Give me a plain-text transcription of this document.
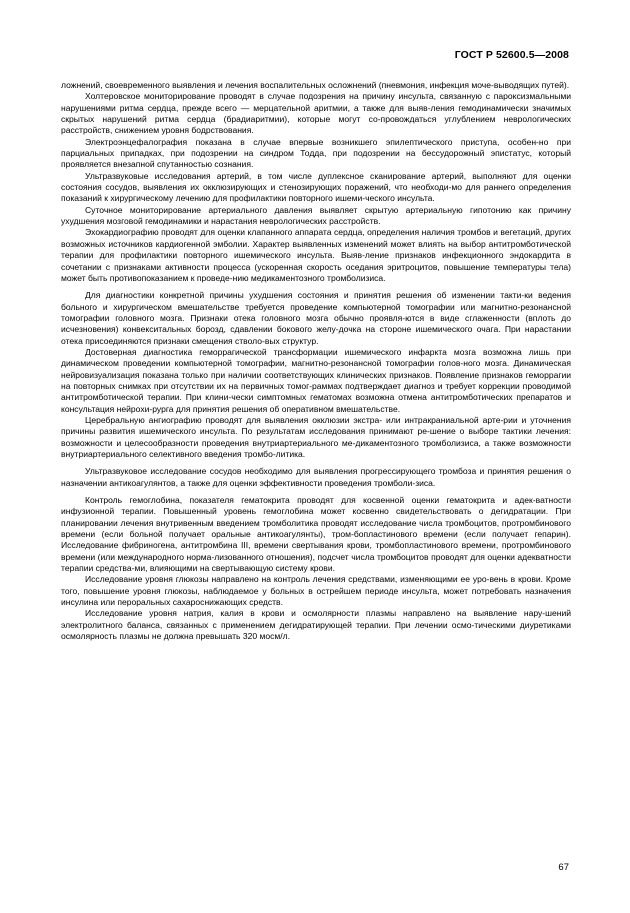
ГОСТ Р 52600.5—2008

ложнений, своевременного выявления и лечения воспалительных осложнений (пневмония, инфекция моче-выводящих путей).

Холтеровское мониторирование проводят в случае подозрения на причину инсульта, связанную с пароксизмальными нарушениями ритма сердца, прежде всего — мерцательной аритмии, а также для выяв-ления гемодинамически значимых скрытых нарушений ритма сердца (брадиаритмии), которые могут со-провождаться углублением неврологических расстройств, снижением уровня бодрствования.

Электроэнцефалография показана в случае впервые возникшего эпилептического приступа, особен-но при парциальных припадках, при подозрении на синдром Тодда, при подозрении на бессудорожный эпистатус, который проявляется внезапной спутанностью сознания.

Ультразвуковые исследования артерий, в том числе дуплексное сканирование артерий, выполняют для оценки состояния сосудов, выявления их окклюзирующих и стенозирующих поражений, что необходи-мо для раннего определения показаний к хирургическому лечению для профилактики повторного ишеми-ческого инсульта.

Суточное мониторирование артериального давления выявляет скрытую артериальную гипотонию как причину ухудшения мозговой гемодинамики и нарастания неврологических расстройств.

Эхокардиографию проводят для оценки клапанного аппарата сердца, определения наличия тромбов и вегетаций, других возможных источников кардиогенной эмболии. Характер выявленных изменений может влиять на выбор антитромботической терапии для профилактики повторного ишемического инсульта. Выяв-ление признаков инфекционного эндокардита в сочетании с признаками активности процесса (ускоренная скорость оседания эритроцитов, повышение температуры тела) может быть противопоказанием к проведе-нию медикаментозного тромболизиса.

Для диагностики конкретной причины ухудшения состояния и принятия решения об изменении такти-ки ведения больного и хирургическом вмешательстве требуется проведение компьютерной томографии или магнитно-резонансной томографии головного мозга. Признаки отека головного мозга обычно проявля-ются в виде сглаженности (вплоть до исчезновения) конвекситальных борозд, сдавлении бокового желу-дочка на стороне ишемического очага. При нарастании отека присоединяются признаки смещения стволо-вых структур.

Достоверная диагностика геморрагической трансформации ишемического инфаркта мозга возможна лишь при динамическом проведении компьютерной томографии, магнитно-резонансной томографии голов-ного мозга. Динамическая нейровизуализация показана только при наличии соответствующих клинических признаков. Появление признаков геморрагии на повторных снимках при отсутствии их на первичных томог-раммах подтверждает диагноз и требует коррекции проводимой антитромботической терапии. При клини-чески симптомных гематомах возможна отмена антитромботических препаратов и консультация нейрохи-рурга для принятия решения об оперативном вмешательстве.

Церебральную ангиографию проводят для выявления окклюзии экстра- или интракраниальной арте-рии и уточнения причины развития ишемического инсульта. По результатам исследования принимают ре-шение о выборе тактики лечения: возможности и целесообразности проведения внутриартериального ме-дикаментозного тромболизиса, а также возможности внутриартериального селективного введения тромбо-литика.

Ультразвуковое исследование сосудов необходимо для выявления прогрессирующего тромбоза и принятия решения о назначении антикоагулянтов, а также для оценки эффективности проведения тромболи-зиса.

Контроль гемоглобина, показателя гематокрита проводят для косвенной оценки гематокрита и адек-ватности инфузионной терапии. Повышенный уровень гемоглобина может косвенно свидетельствовать о дегидратации. При планировании лечения внутривенным введением тромболитика проводят исследование числа тромбоцитов, протромбинового времени (если больной получает оральные антикоагулянты), тром-бопластинового времени (если получает гепарин). Исследование фибриногена, антитромбина III, времени свертывания крови, тромбопластинового времени, протромбинового времени (или международного норма-лизованного отношения), подсчет числа тромбоцитов проводят для оценки адекватности терапии средства-ми, влияющими на свертывающую систему крови.

Исследование уровня глюкозы направлено на контроль лечения средствами, изменяющими ее уро-вень в крови. Кроме того, повышение уровня глюкозы, наблюдаемое у больных в острейшем периоде инсульта, может потребовать назначения инсулина или пероральных сахароснижающих средств.

Исследование уровня натрия, калия в крови и осмолярности плазмы направлено на выявление нару-шений электролитного баланса, связанных с применением дегидратирующей терапии. При лечении осмо-тическими диуретиками осмолярность плазмы не должна превышать 320 мосм/л.

67
